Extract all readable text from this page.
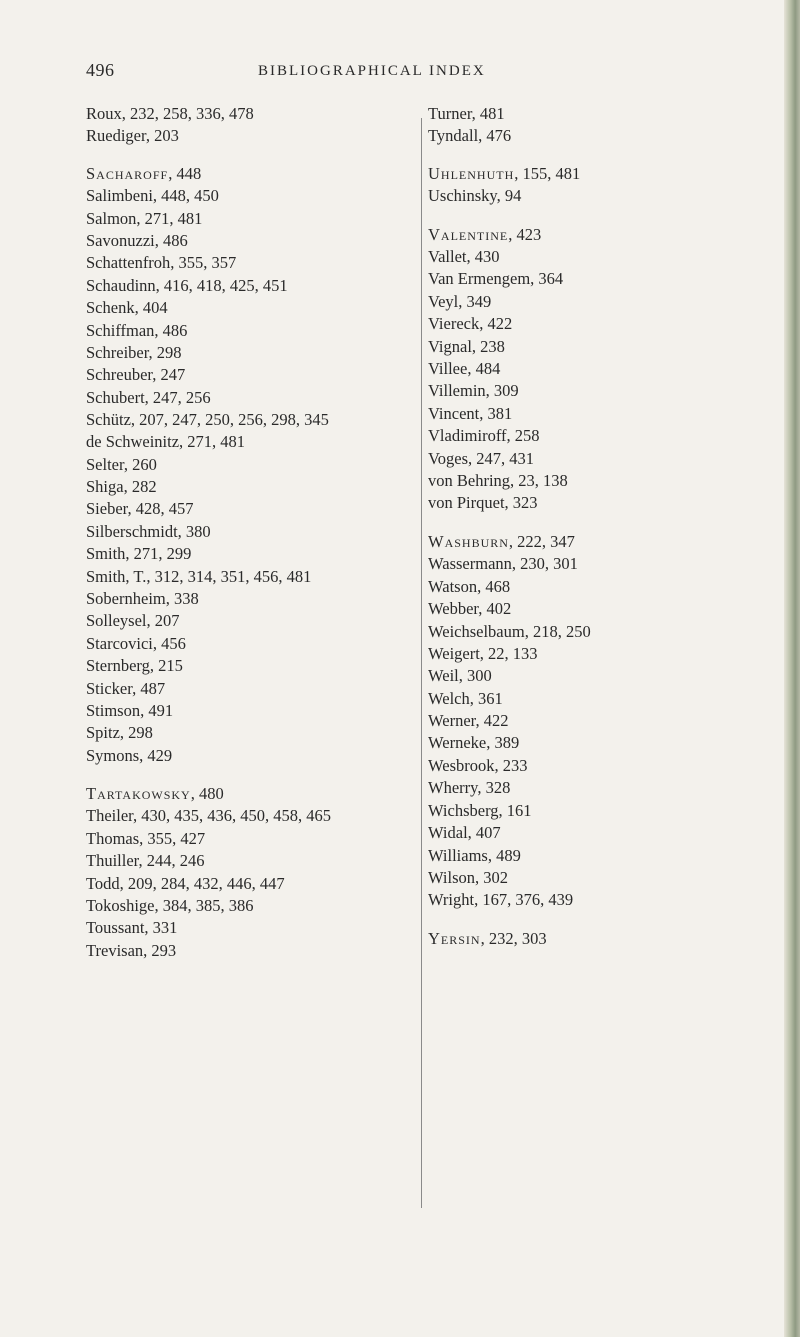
496	BIBLIOGRAPHICAL INDEX
Roux, 232, 258, 336, 478
Ruediger, 203
Sacharoff, 448
Salimbeni, 448, 450
Salmon, 271, 481
Savonuzzi, 486
Schattenfroh, 355, 357
Schaudinn, 416, 418, 425, 451
Schenk, 404
Schiffman, 486
Schreiber, 298
Schreuber, 247
Schubert, 247, 256
Schütz, 207, 247, 250, 256, 298, 345
de Schweinitz, 271, 481
Selter, 260
Shiga, 282
Sieber, 428, 457
Silberschmidt, 380
Smith, 271, 299
Smith, T., 312, 314, 351, 456, 481
Sobernheim, 338
Solleysel, 207
Starcovici, 456
Sternberg, 215
Sticker, 487
Stimson, 491
Spitz, 298
Symons, 429
Tartakowsky, 480
Theiler, 430, 435, 436, 450, 458, 465
Thomas, 355, 427
Thuiller, 244, 246
Todd, 209, 284, 432, 446, 447
Tokoshige, 384, 385, 386
Toussant, 331
Trevisan, 293
Turner, 481
Tyndall, 476
Uhlenhuth, 155, 481
Uschinsky, 94
Valentine, 423
Vallet, 430
Van Ermengem, 364
Veyl, 349
Viereck, 422
Vignal, 238
Villee, 484
Villemin, 309
Vincent, 381
Vladimiroff, 258
Voges, 247, 431
von Behring, 23, 138
von Pirquet, 323
Washburn, 222, 347
Wassermann, 230, 301
Watson, 468
Webber, 402
Weichselbaum, 218, 250
Weigert, 22, 133
Weil, 300
Welch, 361
Werner, 422
Werneke, 389
Wesbrook, 233
Wherry, 328
Wichsberg, 161
Widal, 407
Williams, 489
Wilson, 302
Wright, 167, 376, 439
Yersin, 232, 303
